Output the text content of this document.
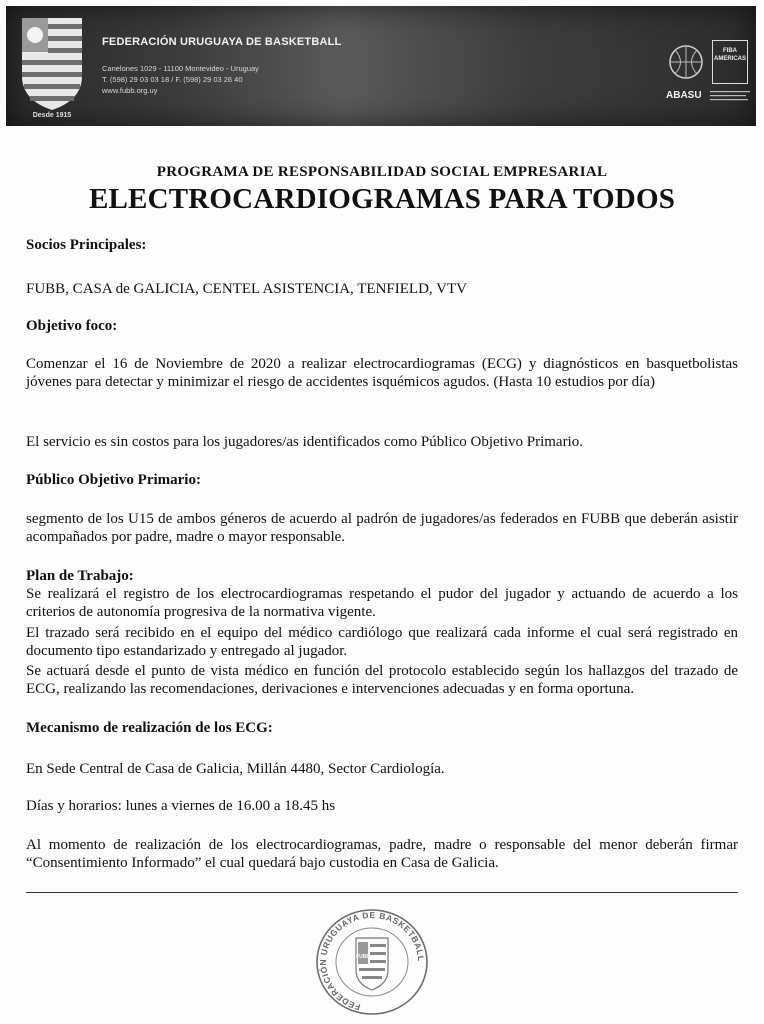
Desde 1915
FEDERACIÓN URUGUAYA DE BASKETBALL
Canelones 1029 - 11100 Montevideo - Uruguay
T. (598) 29 03 03 18 / F. (598) 29 03 26 40
www.fubb.org.uy
FIBA
AMERICAS
ABASU
PROGRAMA DE RESPONSABILIDAD SOCIAL EMPRESARIAL
ELECTROCARDIOGRAMAS PARA TODOS
Socios Principales:
FUBB, CASA de GALICIA, CENTEL ASISTENCIA, TENFIELD, VTV
Objetivo foco:
Comenzar el 16 de Noviembre de 2020 a realizar electrocardiogramas (ECG) y diagnósticos en basquetbolistas jóvenes para detectar y minimizar el riesgo de accidentes isquémicos agudos. (Hasta 10 estudios por día)
El servicio es sin costos para los jugadores/as identificados como Público Objetivo Primario.
Público Objetivo Primario:
segmento de los U15 de ambos géneros de acuerdo al padrón de jugadores/as federados en FUBB que deberán asistir acompañados por padre, madre o mayor responsable.
Plan de Trabajo:
Se realizará el registro de los electrocardiogramas respetando el pudor del jugador y actuando de acuerdo a los criterios de autonomía progresiva de la normativa vigente.
El trazado será recibido en el equipo del médico cardiólogo que realizará cada informe el cual será registrado en documento tipo estandarizado y entregado al jugador.
Se actuará desde el punto de vista médico en función del protocolo establecido según los hallazgos del trazado de ECG, realizando las recomendaciones, derivaciones e intervenciones adecuadas y en forma oportuna.
Mecanismo de realización de los ECG:
En Sede Central de Casa de Galicia, Millán 4480, Sector Cardiología.
Días y horarios: lunes a viernes de 16.00 a 18.45 hs
Al momento de realización de los electrocardiogramas, padre, madre o responsable del menor deberán firmar “Consentimiento Informado” el cual quedará bajo custodia en Casa de Galicia.
FEDERACIÓN URUGUAYA DE BASKETBALL
FUBB
